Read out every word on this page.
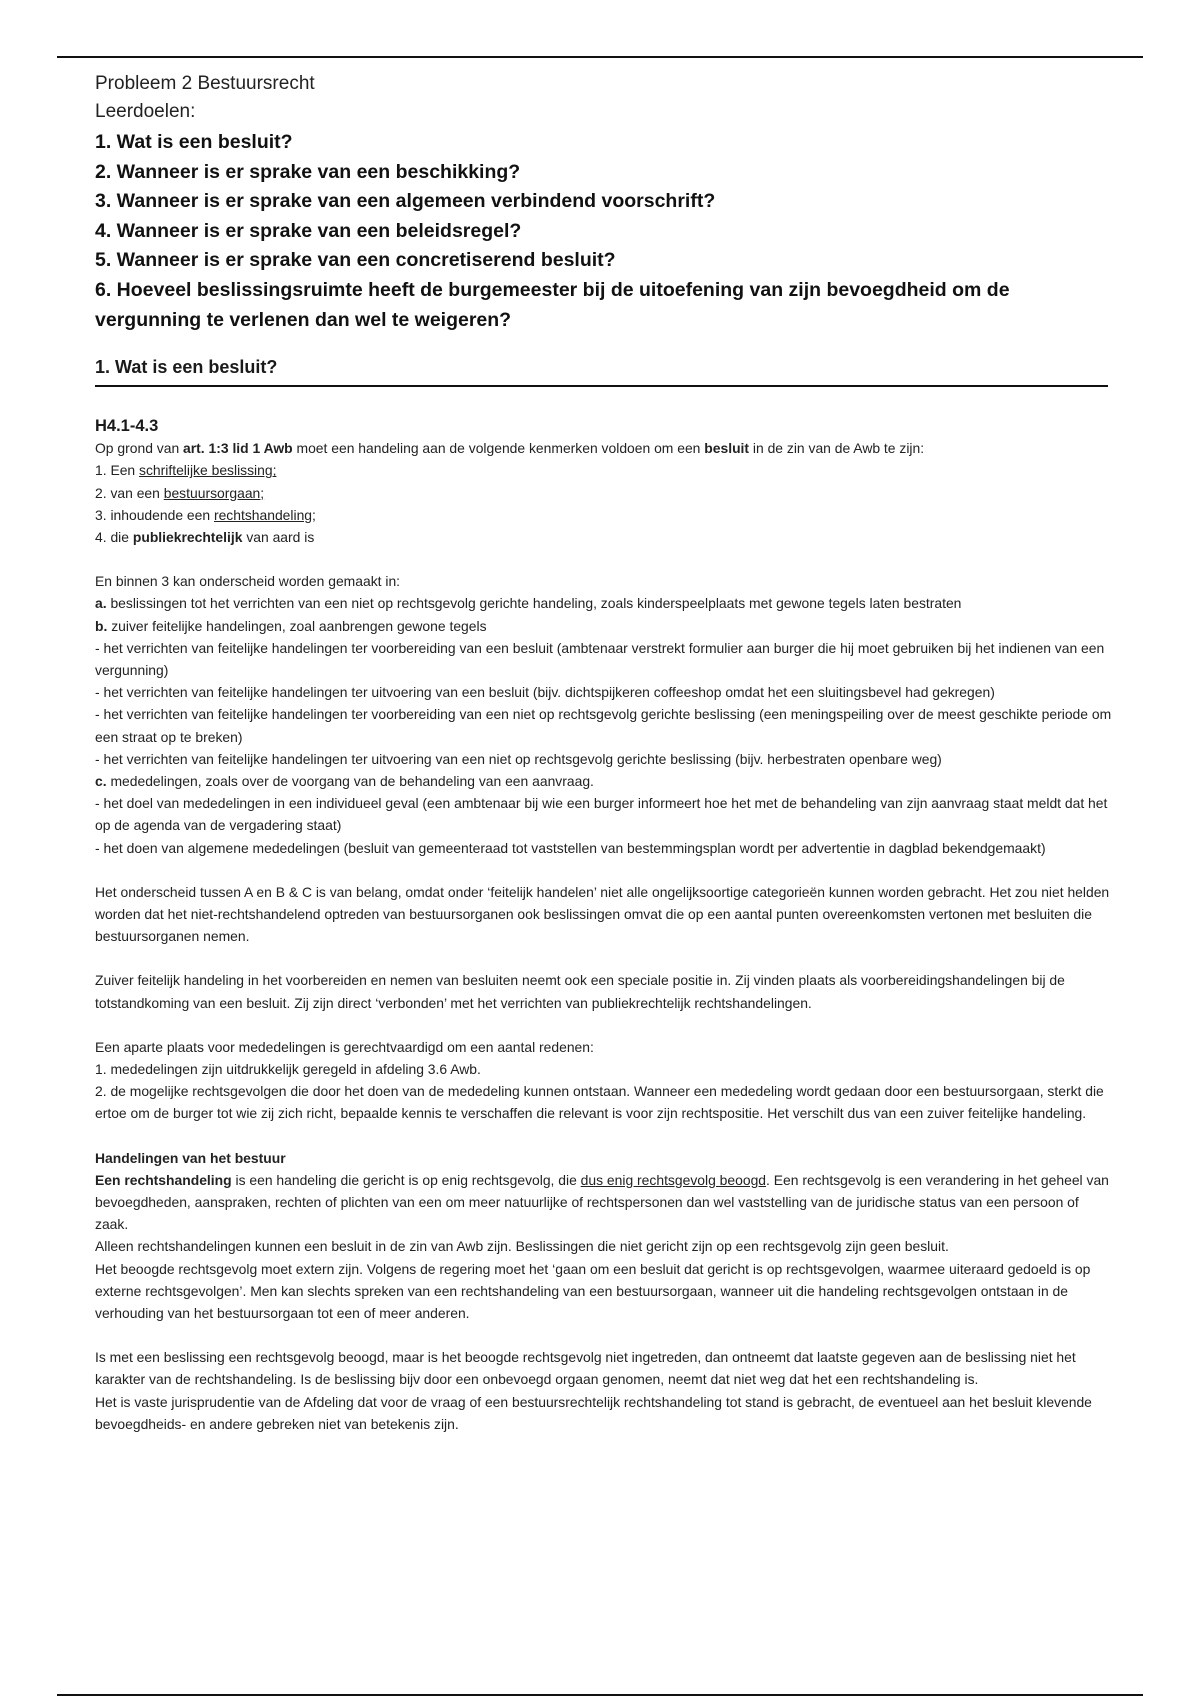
Probleem 2 Bestuursrecht
Leerdoelen:
1. Wat is een besluit?
2. Wanneer is er sprake van een beschikking?
3. Wanneer is er sprake van een algemeen verbindend voorschrift?
4. Wanneer is er sprake van een beleidsregel?
5. Wanneer is er sprake van een concretiserend besluit?
6. Hoeveel beslissingsruimte heeft de burgemeester bij de uitoefening van zijn bevoegdheid om de vergunning te verlenen dan wel te weigeren?
1. Wat is een besluit?
H4.1-4.3

Op grond van art. 1:3 lid 1 Awb moet een handeling aan de volgende kenmerken voldoen om een besluit in de zin van de Awb te zijn:

1. Een schriftelijke beslissing;

2. van een bestuursorgaan;

3. inhoudende een rechtshandeling;

4. die publiekrechtelijk van aard is

En binnen 3 kan onderscheid worden gemaakt in:

a. beslissingen tot het verrichten van een niet op rechtsgevolg gerichte handeling, zoals kinderspeelplaats met gewone tegels laten bestraten

b. zuiver feitelijke handelingen, zoal aanbrengen gewone tegels

- het verrichten van feitelijke handelingen ter voorbereiding van een besluit (ambtenaar verstrekt formulier aan burger die hij moet gebruiken bij het indienen van een vergunning)

- het verrichten van feitelijke handelingen ter uitvoering van een besluit (bijv. dichtspijkeren coffeeshop omdat het een sluitingsbevel had gekregen)

- het verrichten van feitelijke handelingen ter voorbereiding van een niet op rechtsgevolg gerichte beslissing (een meningspeiling over de meest geschikte periode om een straat op te breken)

- het verrichten van feitelijke handelingen ter uitvoering van een niet op rechtsgevolg gerichte beslissing (bijv. herbestraten openbare weg)

c. mededelingen, zoals over de voorgang van de behandeling van een aanvraag.

- het doel van mededelingen in een individueel geval (een ambtenaar bij wie een burger informeert hoe het met de behandeling van zijn aanvraag staat meldt dat het op de agenda van de vergadering staat)

- het doen van algemene mededelingen (besluit van gemeenteraad tot vaststellen van bestemmingsplan wordt per advertentie in dagblad bekendgemaakt)

Het onderscheid tussen A en B & C is van belang, omdat onder ‘feitelijk handelen’ niet alle ongelijksoortige categorieën kunnen worden gebracht. Het zou niet helden worden dat het niet-rechtshandelend optreden van bestuursorganen ook beslissingen omvat die op een aantal punten overeenkomsten vertonen met besluiten die bestuursorganen nemen.

Zuiver feitelijk handeling in het voorbereiden en nemen van besluiten neemt ook een speciale positie in. Zij vinden plaats als voorbereidingshandelingen bij de totstandkoming van een besluit. Zij zijn direct ‘verbonden’ met het verrichten van publiekrechtelijk rechtshandelingen.

Een aparte plaats voor mededelingen is gerechtvaardigd om een aantal redenen:

1. mededelingen zijn uitdrukkelijk geregeld in afdeling 3.6 Awb.

2. de mogelijke rechtsgevolgen die door het doen van de mededeling kunnen ontstaan. Wanneer een mededeling wordt gedaan door een bestuursorgaan, sterkt die ertoe om de burger tot wie zij zich richt, bepaalde kennis te verschaffen die relevant is voor zijn rechtspositie. Het verschilt dus van een zuiver feitelijke handeling.

Handelingen van het bestuur

Een rechtshandeling is een handeling die gericht is op enig rechtsgevolg, die dus enig rechtsgevolg beoogd. Een rechtsgevolg is een verandering in het geheel van bevoegdheden, aanspraken, rechten of plichten van een om meer natuurlijke of rechtspersonen dan wel vaststelling van de juridische status van een persoon of zaak.

Alleen rechtshandelingen kunnen een besluit in de zin van Awb zijn. Beslissingen die niet gericht zijn op een rechtsgevolg zijn geen besluit.

Het beoogde rechtsgevolg moet extern zijn. Volgens de regering moet het ‘gaan om een besluit dat gericht is op rechtsgevolgen, waarmee uiteraard gedoeld is op externe rechtsgevolgen’. Men kan slechts spreken van een rechtshandeling van een bestuursorgaan, wanneer uit die handeling rechtsgevolgen ontstaan in de verhouding van het bestuursorgaan tot een of meer anderen.

Is met een beslissing een rechtsgevolg beoogd, maar is het beoogde rechtsgevolg niet ingetreden, dan ontneemt dat laatste gegeven aan de beslissing niet het karakter van de rechtshandeling. Is de beslissing bijv door een onbevoegd orgaan genomen, neemt dat niet weg dat het een rechtshandeling is.

Het is vaste jurisprudentie van de Afdeling dat voor de vraag of een bestuursrechtelijk rechtshandeling tot stand is gebracht, de eventueel aan het besluit klevende bevoegdheids- en andere gebreken niet van betekenis zijn.
